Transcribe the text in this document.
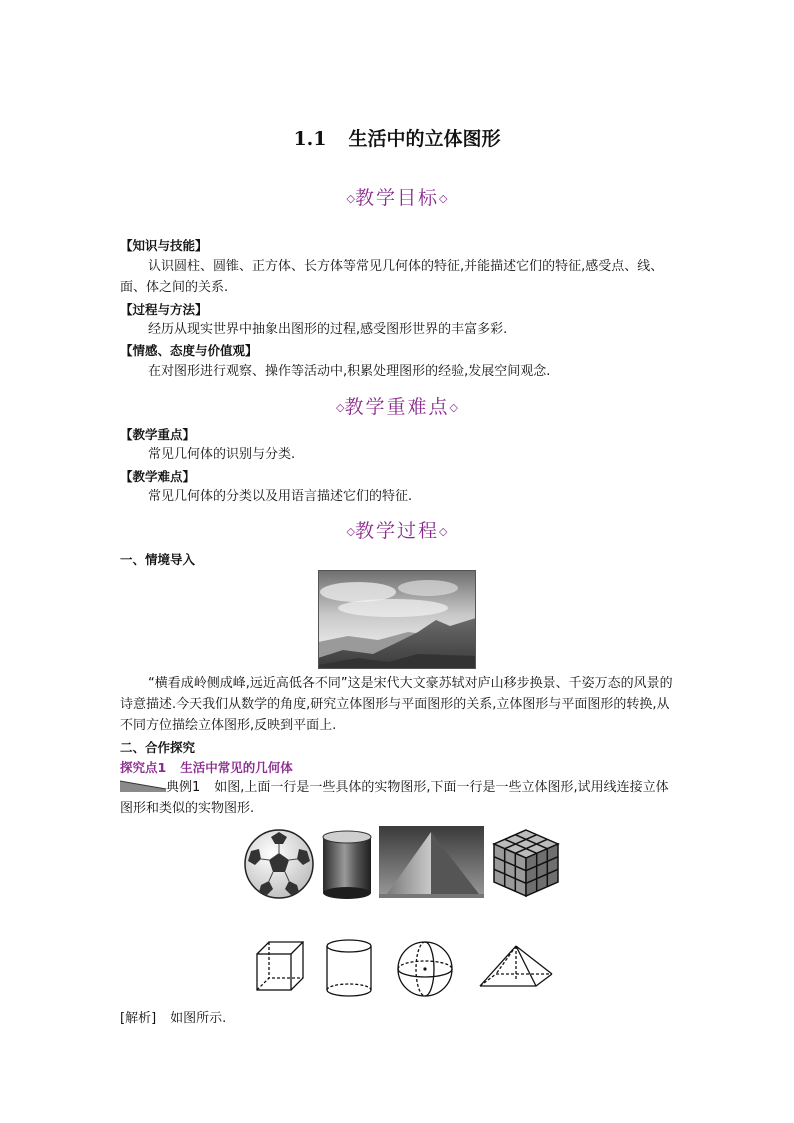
1.1 生活中的立体图形
◇教学目标◇
【知识与技能】
认识圆柱、圆锥、正方体、长方体等常见几何体的特征,并能描述它们的特征,感受点、线、面、体之间的关系.
【过程与方法】
经历从现实世界中抽象出图形的过程,感受图形世界的丰富多彩.
【情感、态度与价值观】
在对图形进行观察、操作等活动中,积累处理图形的经验,发展空间观念.
◇教学重难点◇
【教学重点】
常见几何体的识别与分类.
【教学难点】
常见几何体的分类以及用语言描述它们的特征.
◇教学过程◇
一、情境导入
“横看成岭侧成峰,远近高低各不同”这是宋代大文豪苏轼对庐山移步换景、千姿万态的风景的诗意描述.今天我们从数学的角度,研究立体图形与平面图形的关系,立体图形与平面图形的转换,从不同方位描绘立体图形,反映到平面上.
二、合作探究
探究点1 生活中常见的几何体
典例1 如图,上面一行是一些具体的实物图形,下面一行是一些立体图形,试用线连接立体图形和类似的实物图形.
[解析] 如图所示.
